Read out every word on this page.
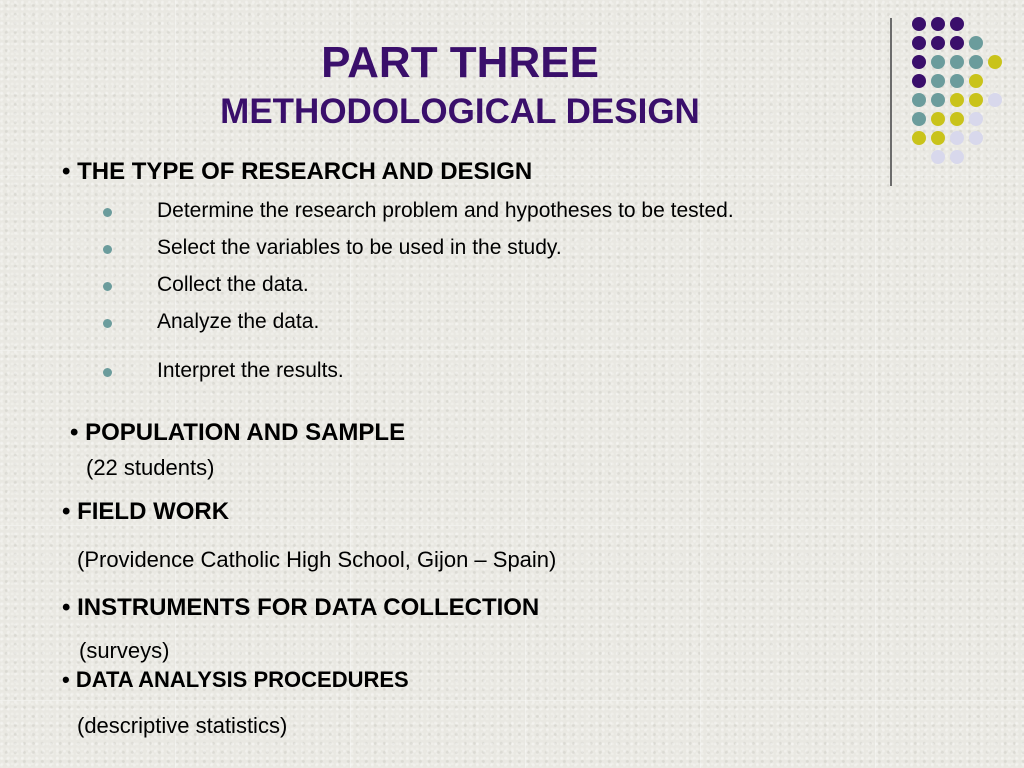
PART THREE
METHODOLOGICAL DESIGN
• THE TYPE OF RESEARCH AND DESIGN
Determine the research problem and hypotheses to be tested.
Select the variables to be used in the study.
Collect the data.
Analyze the data.
Interpret the results.
• POPULATION AND SAMPLE
(22 students)
• FIELD WORK
(Providence Catholic High School, Gijon – Spain)
• INSTRUMENTS FOR DATA COLLECTION
(surveys)
• DATA ANALYSIS PROCEDURES
(descriptive statistics)
